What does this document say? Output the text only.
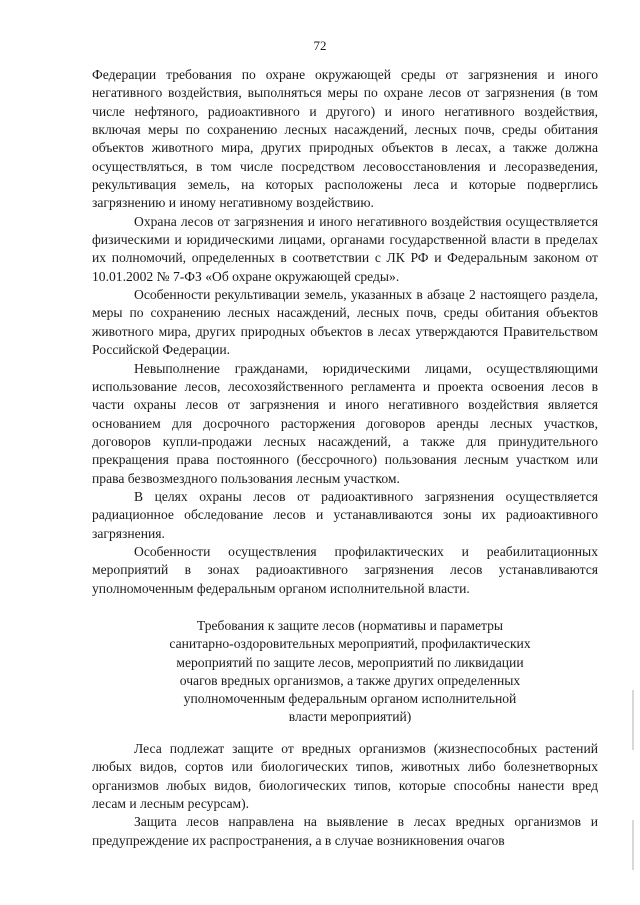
72

Федерации требования по охране окружающей среды от загрязнения и иного негативного воздействия, выполняться меры по охране лесов от загрязнения (в том числе нефтяного, радиоактивного и другого) и иного негативного воздействия, включая меры по сохранению лесных насаждений, лесных почв, среды обитания объектов животного мира, других природных объектов в лесах, а также должна осуществляться, в том числе посредством лесовосстановления и лесоразведения, рекультивация земель, на которых расположены леса и которые подверглись загрязнению и иному негативному воздействию.

Охрана лесов от загрязнения и иного негативного воздействия осуществляется физическими и юридическими лицами, органами государственной власти в пределах их полномочий, определенных в соответствии с ЛК РФ и Федеральным законом от 10.01.2002 № 7-ФЗ «Об охране окружающей среды».

Особенности рекультивации земель, указанных в абзаце 2 настоящего раздела, меры по сохранению лесных насаждений, лесных почв, среды обитания объектов животного мира, других природных объектов в лесах утверждаются Правительством Российской Федерации.

Невыполнение гражданами, юридическими лицами, осуществляющими использование лесов, лесохозяйственного регламента и проекта освоения лесов в части охраны лесов от загрязнения и иного негативного воздействия является основанием для досрочного расторжения договоров аренды лесных участков, договоров купли-продажи лесных насаждений, а также для принудительного прекращения права постоянного (бессрочного) пользования лесным участком или права безвозмездного пользования лесным участком.

В целях охраны лесов от радиоактивного загрязнения осуществляется радиационное обследование лесов и устанавливаются зоны их радиоактивного загрязнения.

Особенности осуществления профилактических и реабилитационных мероприятий в зонах радиоактивного загрязнения лесов устанавливаются уполномоченным федеральным органом исполнительной власти.

Требования к защите лесов (нормативы и параметры
санитарно-оздоровительных мероприятий, профилактических
мероприятий по защите лесов, мероприятий по ликвидации
очагов вредных организмов, а также других определенных
уполномоченным федеральным органом исполнительной
власти мероприятий)

Леса подлежат защите от вредных организмов (жизнеспособных растений любых видов, сортов или биологических типов, животных либо болезнетворных организмов любых видов, биологических типов, которые способны нанести вред лесам и лесным ресурсам).

Защита лесов направлена на выявление в лесах вредных организмов и предупреждение их распространения, а в случае возникновения очагов
